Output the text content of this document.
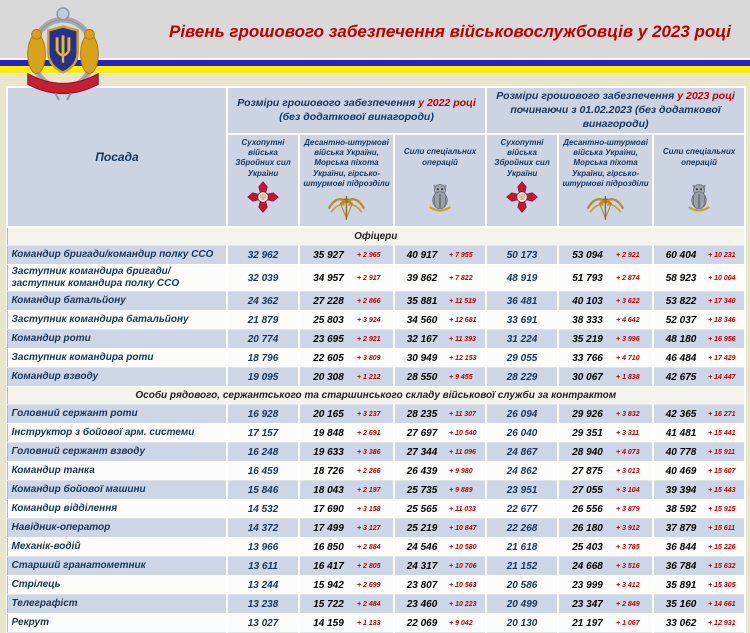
Рівень грошового забезпечення військовослужбовців у 2023 році
Посада	
Розміри грошового забезпечення у 2022 році
(без додаткової винагороди)

Розміри грошового забезпечення у 2023 році
починаючи з 01.02.2023 (без додаткової винагороди)

Сухопутні війська Збройних сил України	Десантно-штурмові війська України, Морська піхота України, гірсько-штурмові підрозділи	Сили спеціальних операцій	Сухопутні війська Збройних сил України	Десантно-штурмові війська України, Морська піхота України, гірсько-штурмові підрозділи	Сили спеціальних операцій

Офіцери						
Командир бригади/командир полку ССО	32 962	35 927 + 2 965	40 917 + 7 955	50 173	53 094 + 2 921	60 404 + 10 231

Заступник командира бригади/ заступник командира полку ССО	32 039	34 957 + 2 917	39 862 + 7 822	48 919	51 793 + 2 874	58 923 + 10 004

Командир батальйону	24 362	27 228 + 2 866	35 881 + 11 519	36 481	40 103 + 3 622	53 822 + 17 340

Заступник командира батальйону	21 879	25 803 + 3 924	34 560 + 12 681	33 691	38 333 + 4 642	52 037 + 18 346

Командир роти	20 774	23 695 + 2 921	32 167 + 11 393	31 224	35 219 + 3 996	48 180 + 16 956

Заступник командира роти	18 796	22 605 + 3 809	30 949 + 12 153	29 055	33 766 + 4 710	46 484 + 17 429

Командир взводу	19 095	20 308 + 1 212	28 550 + 9 455	28 229	30 067 + 1 838	42 675 + 14 447

Особи рядового, сержантського та старшинського складу військової служби за контрактом						
Головний сержант роти	16 928	20 165 + 3 237	28 235 + 11 307	26 094	29 926 + 3 832	42 365 + 16 271

Інструктор з бойової арм. системи	17 157	19 848 + 2 691	27 697 + 10 540	26 040	29 351 + 3 311	41 481 + 15 441

Головний сержант взводу	16 248	19 633 + 3 386	27 344 + 11 096	24 867	28 940 + 4 073	40 778 + 15 911

Командир танка	16 459	18 726 + 2 266	26 439 + 9 980	24 862	27 875 + 3 013	40 469 + 15 607

Командир бойової машини	15 846	18 043 + 2 197	25 735 + 9 889	23 951	27 055 + 3 104	39 394 + 15 443

Командир відділення	14 532	17 690 + 3 158	25 565 + 11 033	22 677	26 556 + 3 879	38 592 + 15 915

Навідник-оператор	14 372	17 499 + 3 127	25 219 + 10 847	22 268	26 180 + 3 912	37 879 + 15 611

Механік-водій	13 966	16 850 + 2 884	24 546 + 10 580	21 618	25 403 + 3 785	36 844 + 15 226

Старший гранатометник	13 611	16 417 + 2 805	24 317 + 10 706	21 152	24 668 + 3 516	36 784 + 15 632

Стрілець	13 244	15 942 + 2 699	23 807 + 10 563	20 586	23 999 + 3 412	35 891 + 15 305

Телеграфіст	13 238	15 722 + 2 484	23 460 + 10 223	20 499	23 347 + 2 849	35 160 + 14 661

Рекрут	13 027	14 159 + 1 133	22 069 + 9 042	20 130	21 197 + 1 067	33 062 + 12 931
